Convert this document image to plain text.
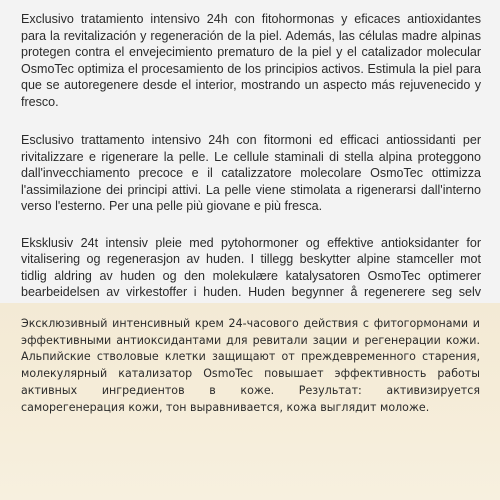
Exclusivo tratamiento intensivo 24h con fitohormonas y eficaces antioxidantes para la revitalización y regeneración de la piel. Además, las células madre alpinas protegen contra el envejecimiento prematuro de la piel y el catalizador molecular OsmoTec optimiza el procesamiento de los principios activos. Estimula la piel para que se autoregenere desde el interior, mostrando un aspecto más rejuvenecido y fresco.

Esclusivo trattamento intensivo 24h con fitormoni ed efficaci antiossidanti per rivitalizzare e rigenerare la pelle. Le cellule staminali di stella alpina proteggono dall'invecchiamento precoce e il catalizzatore molecolare OsmoTec ottimizza l'assimilazione dei principi attivi. La pelle viene stimolata a rigenerarsi dall'interno verso l'esterno. Per una pelle più giovane e più fresca.

Eksklusiv 24t intensiv pleie med pytohormoner og effektive antioksidanter for vitalisering og regenerasjon av huden. I tillegg beskytter alpine stamceller mot tidlig aldring av huden og den molekulære katalysatoren OsmoTec optimerer bearbeidelsen av virkestoffer i huden. Huden begynner å regenerere seg selv

Эксклюзивный интенсивный крем 24-часового действия с фитогормонами и эффективными антиоксидантами для ревитали зации и регенерации кожи. Альпийские стволовые клетки защищают от преждевременного старения, молекулярный катализатор OsmoTec повышает эффективность работы активных ингредиентов в коже. Результат: активизируется саморегенерация кожи, тон выравнивается, кожа выглядит моложе.
